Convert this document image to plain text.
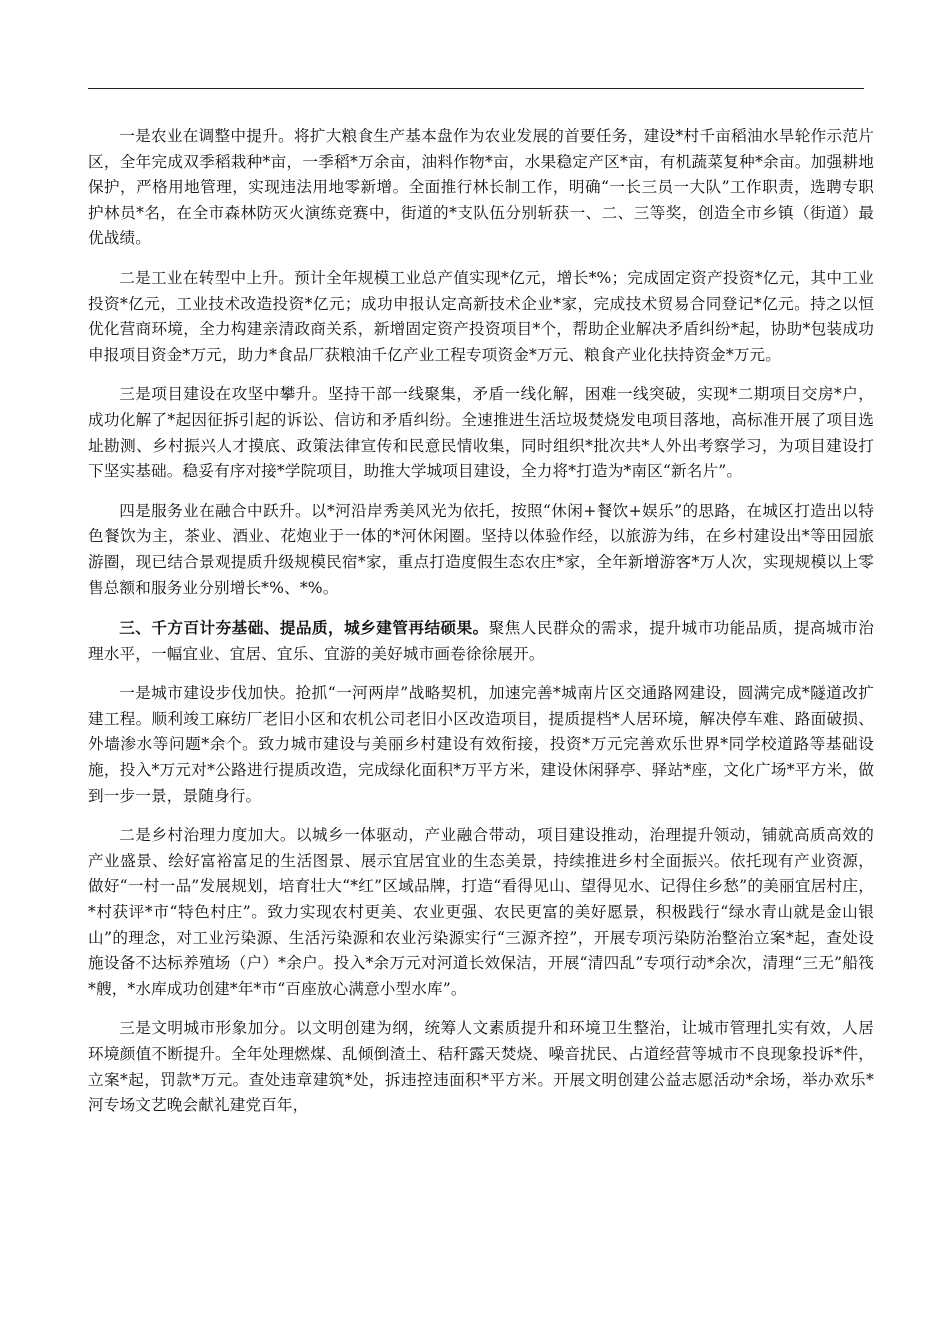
一是农业在调整中提升。将扩大粮食生产基本盘作为农业发展的首要任务，建设*村千亩稻油水旱轮作示范片区，全年完成双季稻栽种*亩，一季稻*万余亩，油料作物*亩，水果稳定产区*亩，有机蔬菜复种*余亩。加强耕地保护，严格用地管理，实现违法用地零新增。全面推行林长制工作，明确“一长三员一大队”工作职责，选聘专职护林员*名，在全市森林防灭火演练竞赛中，街道的*支队伍分别斩获一、二、三等奖，创造全市乡镇（街道）最优战绩。

二是工业在转型中上升。预计全年规模工业总产值实现*亿元，增长*%；完成固定资产投资*亿元，其中工业投资*亿元，工业技术改造投资*亿元；成功申报认定高新技术企业*家，完成技术贸易合同登记*亿元。持之以恒优化营商环境，全力构建亲清政商关系，新增固定资产投资项目*个，帮助企业解决矛盾纠纷*起，协助*包装成功申报项目资金*万元，助力*食品厂获粮油千亿产业工程专项资金*万元、粮食产业化扶持资金*万元。

三是项目建设在攻坚中攀升。坚持干部一线聚集，矛盾一线化解，困难一线突破，实现*二期项目交房*户，成功化解了*起因征拆引起的诉讼、信访和矛盾纠纷。全速推进生活垃圾焚烧发电项目落地，高标准开展了项目选址勘测、乡村振兴人才摸底、政策法律宣传和民意民情收集，同时组织*批次共*人外出考察学习，为项目建设打下坚实基础。稳妥有序对接*学院项目，助推大学城项目建设，全力将*打造为*南区“新名片”。

四是服务业在融合中跃升。以*河沿岸秀美风光为依托，按照“休闲+餐饮+娱乐”的思路，在城区打造出以特色餐饮为主，茶业、酒业、花炮业于一体的*河休闲圈。坚持以体验作经，以旅游为纬，在乡村建设出*等田园旅游圈，现已结合景观提质升级规模民宿*家，重点打造度假生态农庄*家，全年新增游客*万人次，实现规模以上零售总额和服务业分别增长*%、*%。

三、千方百计夯基础、提品质，城乡建管再结硕果。聚焦人民群众的需求，提升城市功能品质，提高城市治理水平，一幅宜业、宜居、宜乐、宜游的美好城市画卷徐徐展开。

一是城市建设步伐加快。抢抓“一河两岸”战略契机，加速完善*城南片区交通路网建设，圆满完成*隧道改扩建工程。顺利竣工麻纺厂老旧小区和农机公司老旧小区改造项目，提质提档*人居环境，解决停车难、路面破损、外墙渗水等问题*余个。致力城市建设与美丽乡村建设有效衔接，投资*万元完善欢乐世界*同学校道路等基础设施，投入*万元对*公路进行提质改造，完成绿化面积*万平方米，建设休闲驿亭、驿站*座，文化广场*平方米，做到一步一景，景随身行。

二是乡村治理力度加大。以城乡一体驱动，产业融合带动，项目建设推动，治理提升领动，铺就高质高效的产业盛景、绘好富裕富足的生活图景、展示宜居宜业的生态美景，持续推进乡村全面振兴。依托现有产业资源，做好“一村一品”发展规划，培育壮大“*红”区域品牌，打造“看得见山、望得见水、记得住乡愁”的美丽宜居村庄，*村获评*市“特色村庄”。致力实现农村更美、农业更强、农民更富的美好愿景，积极践行“绿水青山就是金山银山”的理念，对工业污染源、生活污染源和农业污染源实行“三源齐控”，开展专项污染防治整治立案*起，查处设施设备不达标养殖场（户）*余户。投入*余万元对河道长效保洁，开展“清四乱”专项行动*余次，清理“三无”船筏*艘，*水库成功创建*年*市“百座放心满意小型水库”。

三是文明城市形象加分。以文明创建为纲，统筹人文素质提升和环境卫生整治，让城市管理扎实有效，人居环境颜值不断提升。全年处理燃煤、乱倾倒渣土、秸秆露天焚烧、噪音扰民、占道经营等城市不良现象投诉*件，立案*起，罚款*万元。查处违章建筑*处，拆违控违面积*平方米。开展文明创建公益志愿活动*余场，举办欢乐*河专场文艺晚会献礼建党百年，
